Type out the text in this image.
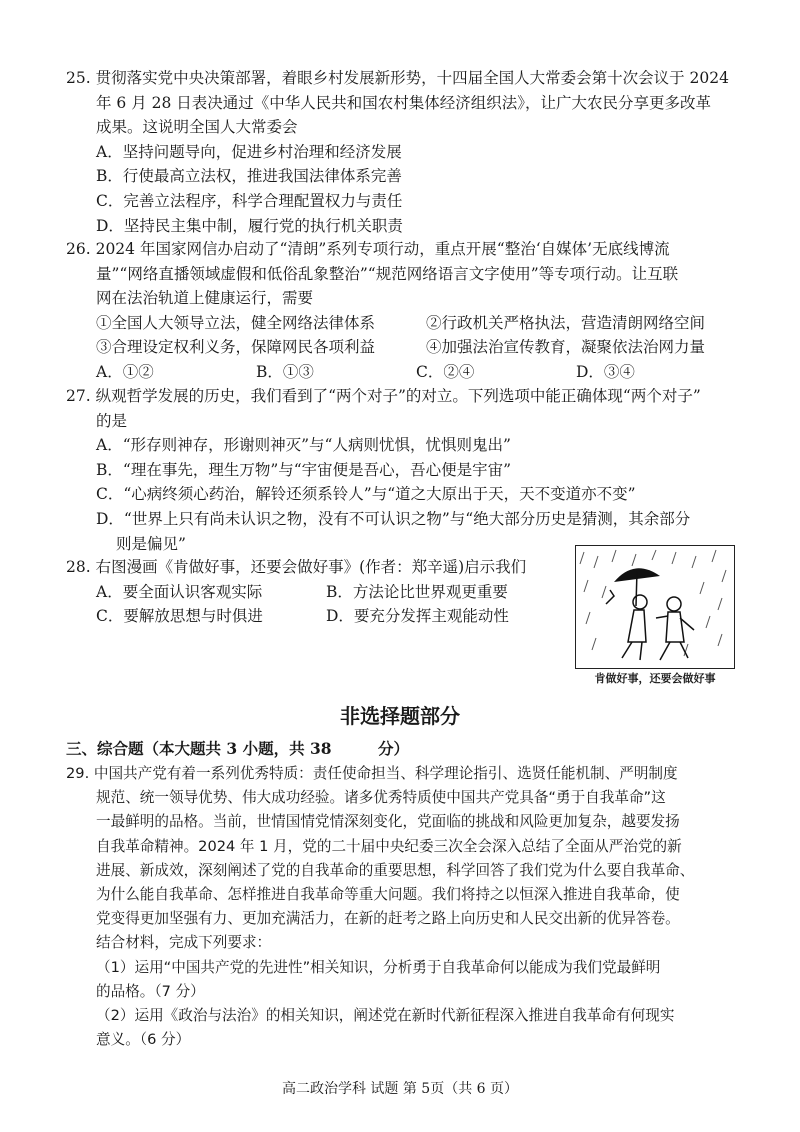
25. 贯彻落实党中央决策部署，着眼乡村发展新形势，十四届全国人大常委会第十次会议于 2024
年 6 月 28 日表决通过《中华人民共和国农村集体经济组织法》，让广大农民分享更多改革
成果。这说明全国人大常委会
A．坚持问题导向，促进乡村治理和经济发展
B．行使最高立法权，推进我国法律体系完善
C．完善立法程序，科学合理配置权力与责任
D．坚持民主集中制，履行党的执行机关职责
26. 2024 年国家网信办启动了“清朗”系列专项行动，重点开展“整治‘自媒体’无底线博流
量”“网络直播领域虚假和低俗乱象整治”“规范网络语言文字使用”等专项行动。让互联
网在法治轨道上健康运行，需要
①全国人大领导立法，健全网络法律体系	②行政机关严格执法，营造清朗网络空间
③合理设定权利义务，保障网民各项利益	④加强法治宣传教育，凝聚依法治网力量
A．①②	B．①③	C．②④	D．③④
27. 纵观哲学发展的历史，我们看到了“两个对子”的对立。下列选项中能正确体现“两个对子”
的是
A．“形存则神存，形谢则神灭”与“人病则忧惧，忧惧则鬼出”
B．“理在事先，理生万物”与“宇宙便是吾心，吾心便是宇宙”
C．“心病终须心药治，解铃还须系铃人”与“道之大原出于天，天不变道亦不变”
D．“世界上只有尚未认识之物，没有不可认识之物”与“绝大部分历史是猜测，其余部分
则是偏见”
28. 右图漫画《肯做好事，还要会做好事》(作者：郑辛遥)启示我们
A．要全面认识客观实际	B．方法论比世界观更重要
C．要解放思想与时俱进	D．要充分发挥主观能动性
肯做好事，还要会做好事
非选择题部分
三、综合题（本大题共 3 小题，共 38　　　分）
29. 中国共产党有着一系列优秀特质：责任使命担当、科学理论指引、选贤任能机制、严明制度
规范、统一领导优势、伟大成功经验。诸多优秀特质使中国共产党具备“勇于自我革命”这
一最鲜明的品格。当前，世情国情党情深刻变化，党面临的挑战和风险更加复杂，越要发扬
自我革命精神。2024 年 1 月，党的二十届中央纪委三次全会深入总结了全面从严治党的新
进展、新成效，深刻阐述了党的自我革命的重要思想，科学回答了我们党为什么要自我革命、
为什么能自我革命、怎样推进自我革命等重大问题。我们将持之以恒深入推进自我革命，使
党变得更加坚强有力、更加充满活力，在新的赶考之路上向历史和人民交出新的优异答卷。
结合材料，完成下列要求：
（1）运用“中国共产党的先进性”相关知识，分析勇于自我革命何以能成为我们党最鲜明
的品格。（7 分）
（2）运用《政治与法治》的相关知识，阐述党在新时代新征程深入推进自我革命有何现实
意义。（6 分）
高二政治学科 试题 第 5页（共 6 页）
